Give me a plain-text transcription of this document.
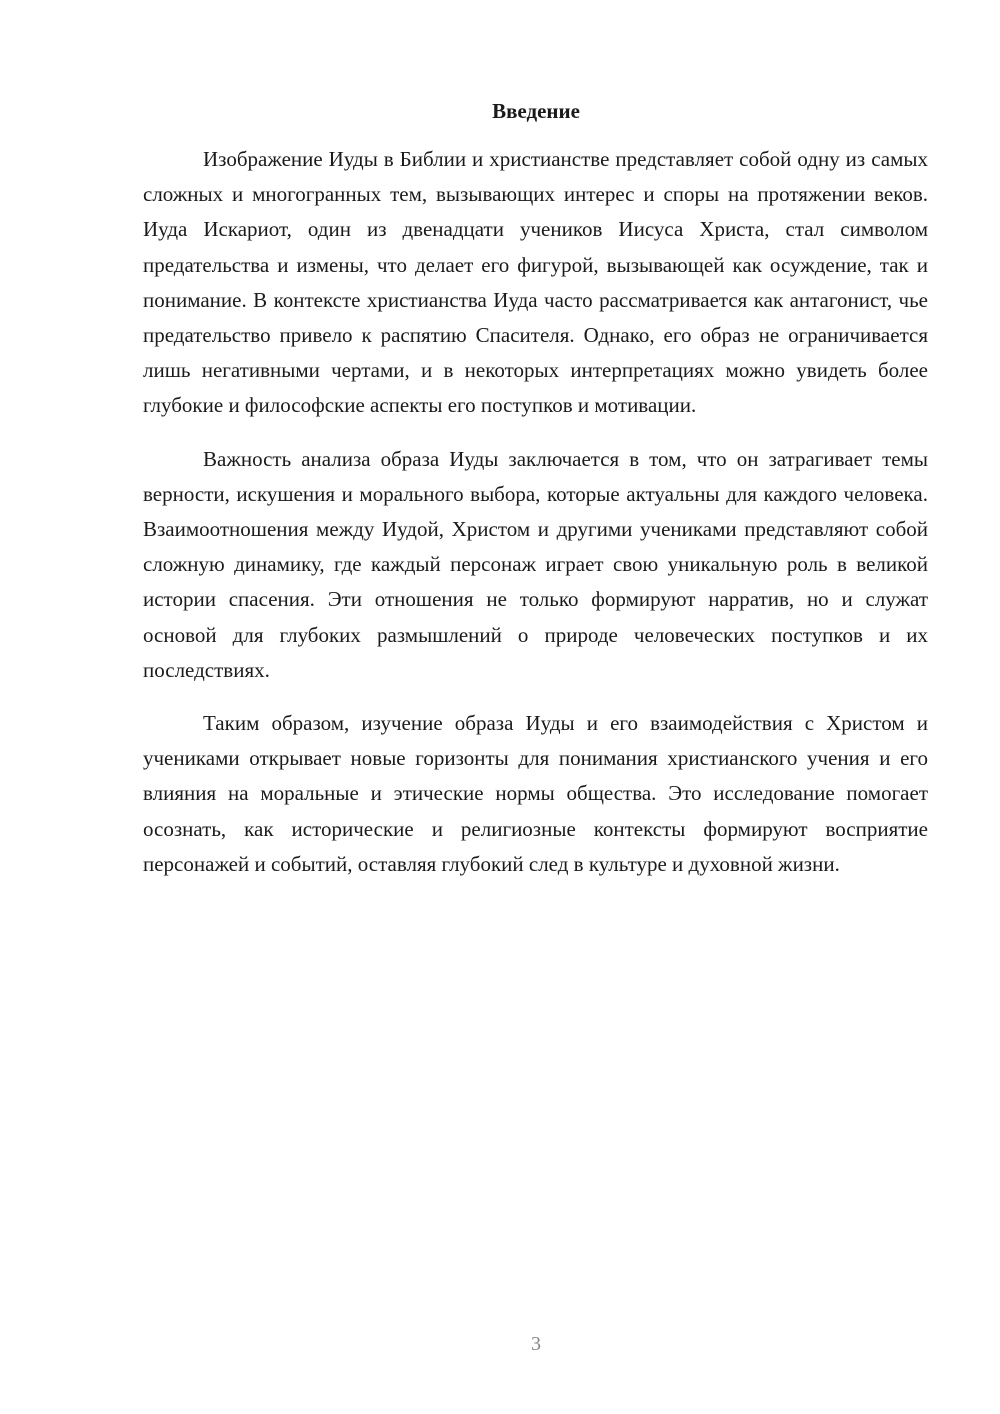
Введение

Изображение Иуды в Библии и христианстве представляет собой одну из самых сложных и многогранных тем, вызывающих интерес и споры на протяжении веков. Иуда Искариот, один из двенадцати учеников Иисуса Христа, стал символом предательства и измены, что делает его фигурой, вызывающей как осуждение, так и понимание. В контексте христианства Иуда часто рассматривается как антагонист, чье предательство привело к распятию Спасителя. Однако, его образ не ограничивается лишь негативными чертами, и в некоторых интерпретациях можно увидеть более глубокие и философские аспекты его поступков и мотивации.

Важность анализа образа Иуды заключается в том, что он затрагивает темы верности, искушения и морального выбора, которые актуальны для каждого человека. Взаимоотношения между Иудой, Христом и другими учениками представляют собой сложную динамику, где каждый персонаж играет свою уникальную роль в великой истории спасения. Эти отношения не только формируют нарратив, но и служат основой для глубоких размышлений о природе человеческих поступков и их последствиях.

Таким образом, изучение образа Иуды и его взаимодействия с Христом и учениками открывает новые горизонты для понимания христианского учения и его влияния на моральные и этические нормы общества. Это исследование помогает осознать, как исторические и религиозные контексты формируют восприятие персонажей и событий, оставляя глубокий след в культуре и духовной жизни.

3
